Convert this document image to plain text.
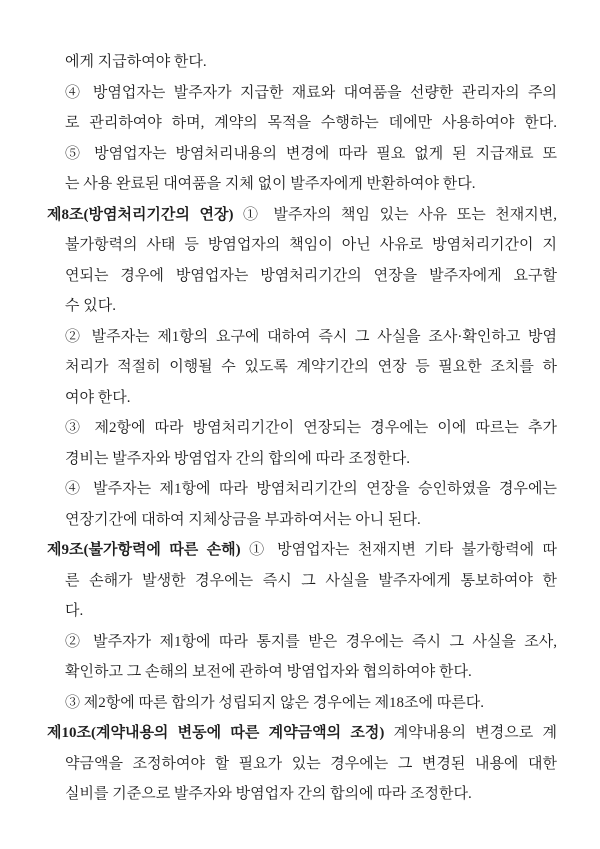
에게 지급하여야 한다.
④ 방염업자는 발주자가 지급한 재료와 대여품을 선량한 관리자의 주의
로 관리하여야 하며, 계약의 목적을 수행하는 데에만 사용하여야 한다.
⑤ 방염업자는 방염처리내용의 변경에 따라 필요 없게 된 지급재료 또
는 사용 완료된 대여품을 지체 없이 발주자에게 반환하여야 한다.
제8조(방염처리기간의 연장) ① 발주자의 책임 있는 사유 또는 천재지변,
불가항력의 사태 등 방염업자의 책임이 아닌 사유로 방염처리기간이 지
연되는 경우에 방염업자는 방염처리기간의 연장을 발주자에게 요구할
수 있다.
② 발주자는 제1항의 요구에 대하여 즉시 그 사실을 조사·확인하고 방염
처리가 적절히 이행될 수 있도록 계약기간의 연장 등 필요한 조치를 하
여야 한다.
③ 제2항에 따라 방염처리기간이 연장되는 경우에는 이에 따르는 추가
경비는 발주자와 방염업자 간의 합의에 따라 조정한다.
④ 발주자는 제1항에 따라 방염처리기간의 연장을 승인하였을 경우에는
연장기간에 대하여 지체상금을 부과하여서는 아니 된다.
제9조(불가항력에 따른 손해) ① 방염업자는 천재지변 기타 불가항력에 따
른 손해가 발생한 경우에는 즉시 그 사실을 발주자에게 통보하여야 한
다.
② 발주자가 제1항에 따라 통지를 받은 경우에는 즉시 그 사실을 조사,
확인하고 그 손해의 보전에 관하여 방염업자와 협의하여야 한다.
③ 제2항에 따른 합의가 성립되지 않은 경우에는 제18조에 따른다.
제10조(계약내용의 변동에 따른 계약금액의 조정) 계약내용의 변경으로 계
약금액을 조정하여야 할 필요가 있는 경우에는 그 변경된 내용에 대한
실비를 기준으로 발주자와 방염업자 간의 합의에 따라 조정한다.
